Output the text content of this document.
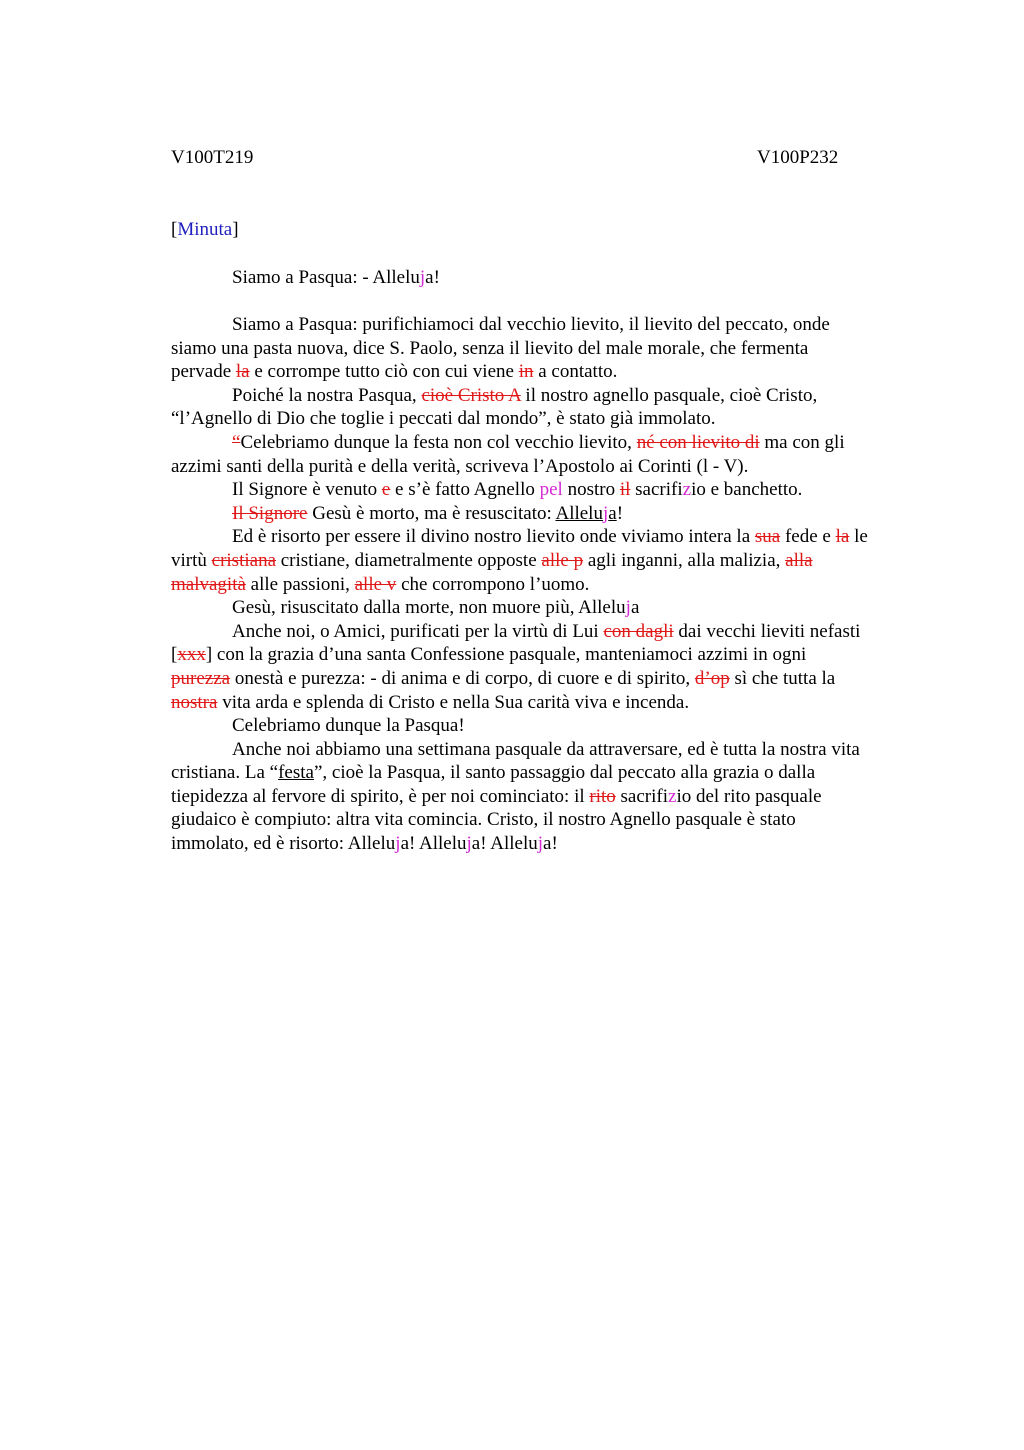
V100T219	V100P232
[Minuta]
Siamo a Pasqua: - Alleluja!
Siamo a Pasqua: purifichiamoci dal vecchio lievito, il lievito del peccato, onde
siamo una pasta nuova, dice S. Paolo, senza il lievito del male morale, che fermenta
pervade la e corrompe tutto ciò con cui viene in a contatto.
Poiché la nostra Pasqua, cioè Cristo A il nostro agnello pasquale, cioè Cristo,
“l’Agnello di Dio che toglie i peccati dal mondo”, è stato già immolato.
“Celebriamo dunque la festa non col vecchio lievito, né con lievito di ma con gli
azzimi santi della purità e della verità, scriveva l’Apostolo ai Corinti (l - V).
Il Signore è venuto e e s’è fatto Agnello pel nostro il sacrifizio e banchetto.
Il Signore Gesù è morto, ma è resuscitato: Alleluja!
Ed è risorto per essere il divino nostro lievito onde viviamo intera la sua fede e la le
virtù cristiana cristiane, diametralmente opposte alle p agli inganni, alla malizia, alla
malvagità alle passioni, alle v che corrompono l’uomo.
Gesù, risuscitato dalla morte, non muore più, Alleluja
Anche noi, o Amici, purificati per la virtù di Lui con dagli dai vecchi lieviti nefasti
[xxx] con la grazia d’una santa Confessione pasquale, manteniamoci azzimi in ogni
purezza onestà e purezza: - di anima e di corpo, di cuore e di spirito, d’op sì che tutta la
nostra vita arda e splenda di Cristo e nella Sua carità viva e incenda.
Celebriamo dunque la Pasqua!
Anche noi abbiamo una settimana pasquale da attraversare, ed è tutta la nostra vita
cristiana. La “festa”, cioè la Pasqua, il santo passaggio dal peccato alla grazia o dalla
tiepidezza al fervore di spirito, è per noi cominciato: il rito sacrifizio del rito pasquale
giudaico è compiuto: altra vita comincia. Cristo, il nostro Agnello pasquale è stato
immolato, ed è risorto: Alleluja! Alleluja! Alleluja!
